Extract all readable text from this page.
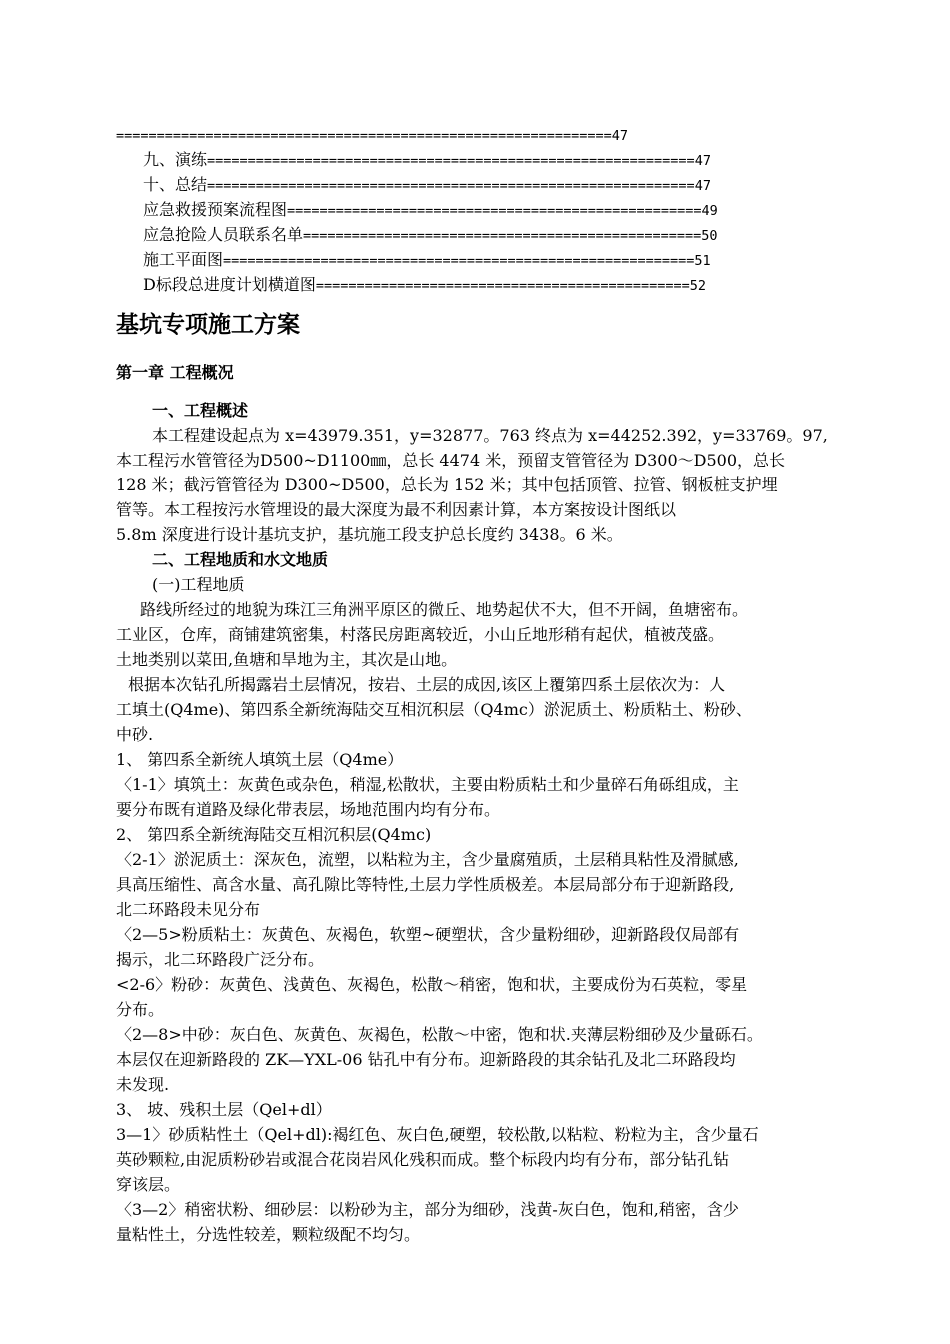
=============================================================47
九、演练============================================================47
十、总结============================================================47
应急救援预案流程图===================================================49
应急抢险人员联系名单=================================================50
施工平面图==========================================================51
D标段总进度计划横道图==============================================52
基坑专项施工方案
第一章 工程概况
一、工程概述
本工程建设起点为 x=43979.351，y=32877。763 终点为 x=44252.392，y=33769。97,
本工程污水管管径为D500~D1100㎜，总长 4474 米，预留支管管径为 D300～D500，总长
128 米；截污管管径为 D300~D500，总长为 152 米；其中包括顶管、拉管、钢板桩支护埋
管等。本工程按污水管埋设的最大深度为最不利因素计算，本方案按设计图纸以
5.8m 深度进行设计基坑支护，基坑施工段支护总长度约 3438。6 米。
二、工程地质和水文地质
(一)工程地质
路线所经过的地貌为珠江三角洲平原区的微丘、地势起伏不大，但不开阔，鱼塘密布。
工业区，仓库，商铺建筑密集，村落民房距离较近，小山丘地形稍有起伏，植被茂盛。
土地类别以菜田,鱼塘和旱地为主，其次是山地。
根据本次钻孔所揭露岩土层情况，按岩、土层的成因,该区上覆第四系土层依次为：人
工填土(Q4me)、第四系全新统海陆交互相沉积层（Q4mc）淤泥质土、粉质粘土、粉砂、
中砂.
1、 第四系全新统人填筑土层（Q4me）
〈1-1〉填筑土：灰黄色或杂色，稍湿,松散状，主要由粉质粘土和少量碎石角砾组成，主
要分布既有道路及绿化带表层，场地范围内均有分布。
2、 第四系全新统海陆交互相沉积层(Q4mc)
〈2-1〉淤泥质土：深灰色，流塑，以粘粒为主，含少量腐殖质，土层稍具粘性及滑腻感,
具高压缩性、高含水量、高孔隙比等特性,土层力学性质极差。本层局部分布于迎新路段,
北二环路段未见分布
〈2—5>粉质粘土：灰黄色、灰褐色，软塑~硬塑状，含少量粉细砂，迎新路段仅局部有
揭示，北二环路段广泛分布。
<2-6〉粉砂：灰黄色、浅黄色、灰褐色，松散～稍密，饱和状，主要成份为石英粒，零星
分布。
〈2—8>中砂：灰白色、灰黄色、灰褐色，松散～中密，饱和状.夹薄层粉细砂及少量砾石。
本层仅在迎新路段的 ZK—YXL-06 钻孔中有分布。迎新路段的其余钻孔及北二环路段均
未发现.
3、 坡、残积土层（Qel+dl）
3—1〉砂质粘性土（Qel+dl):褐红色、灰白色,硬塑，较松散,以粘粒、粉粒为主，含少量石
英砂颗粒,由泥质粉砂岩或混合花岗岩风化残积而成。整个标段内均有分布，部分钻孔钻
穿该层。
〈3—2〉稍密状粉、细砂层：以粉砂为主，部分为细砂，浅黄-灰白色，饱和,稍密，含少
量粘性土，分选性较差，颗粒级配不均匀。
